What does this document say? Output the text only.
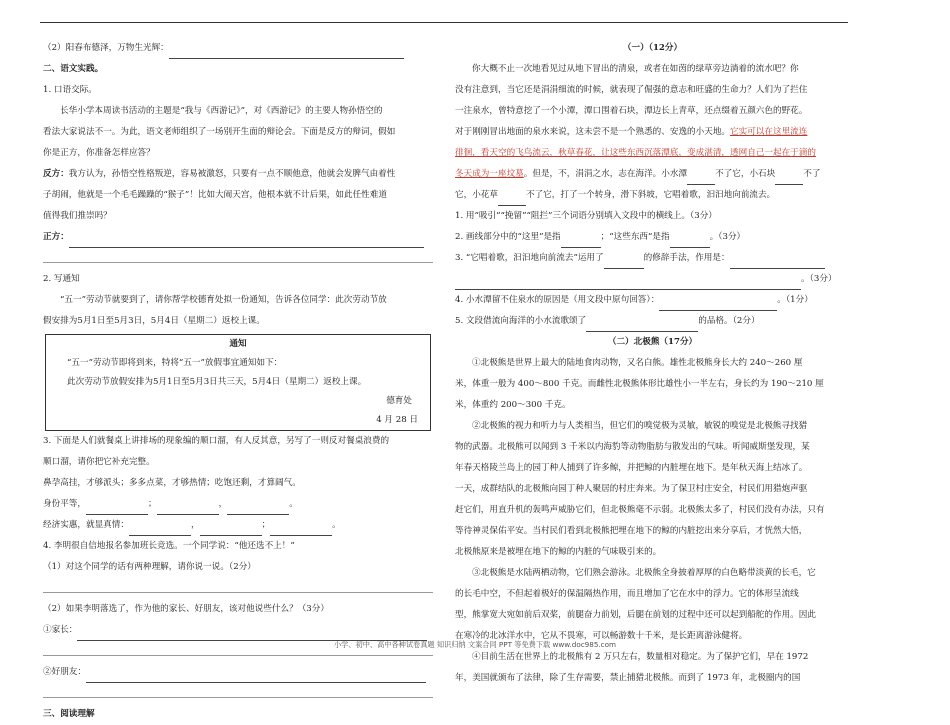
（2）阳春布德泽，万物生光辉：
二、语文实践。
1. 口语交际。
长华小学本周读书活动的主题是“我与《西游记》”，对《西游记》的主要人物孙悟空的
看法大家说法不一。为此，语文老师组织了一场别开生面的辩论会。下面是反方的辩词，假如
你是正方，你准备怎样应答？
反方：我方认为，孙悟空性格叛逆，容易被激怒，只要有一点不顺他意，他就会发脾气由着性
子胡闹，他就是一个毛毛躁躁的“猴子”！比如大闹天宫，他根本就不计后果，如此任性难道
值得我们推崇吗？
正方：
2. 写通知
“五一”劳动节就要到了，请你帮学校德育处拟一份通知，告诉各位同学：此次劳动节放
假安排为5月1日至5月3日，5月4日（星期二）返校上课。
通知
“五一”劳动节即将到来，特将“五一”放假事宜通知如下：
此次劳动节放假安排为5月1日至5月3日共三天，5月4日（星期二）返校上课。
德育处
4 月 28 日
3. 下面是人们就餐桌上讲排场的现象编的顺口溜，有人反其意，另写了一则反对餐桌浪费的
顺口溜，请你把它补充完整。
鼻孕高挂，才够派头；多多点菜，才够热情；吃饱还剩，才算阔气。
身份平等，	；	，	。
经济实惠，就显真情：	，	；	。
4. 李明很自信地报名参加班长竞选。一个同学说：“他还选不上！”
（1）对这个同学的话有两种理解，请你说一说。（2分）
（2）如果李明落选了，作为他的家长、好朋友，该对他说些什么？（3分）
①家长：
②好朋友：
三、阅读理解
（一）（12分）
你大概不止一次地看见过从地下冒出的清泉，或者在如茵的绿草旁边淌着的流水吧？你
没有注意到，当它还是涓涓细流的时候，就表现了倔强的意志和旺盛的生命力？人们为了拦住
一注泉水，曾特意挖了一个小潭，潭口围着石块，潭边长上青草，还点缀着五颜六色的野花。
对于刚刚冒出地面的泉水来说，这未尝不是一个熟悉的、安逸的小天地。它实可以在这里流连
徘徊，看天空的飞鸟流云，秋草春花，让这些东西沉落潭底，变成湛清，透网自己一起在于滴的
冬天成为一座坟墓。但是，不，涓涓之水，志在海洋。小水潭	不了它，小石块	不了
它，小花草	不了它，打了一个转身，滑下斜坡，它唱着歌，汩汩地向前流去。
1. 用“吸引”“挽留”“阻拦”三个词语分别填入文段中的横线上。（3分）
2. 画线部分中的“这里”是指	；“这些东西”是指	。（3分）
3. “它唱着歌，汩汩地向前流去”运用了	的修辞手法，作用是：
。（3分）
4. 小水潭留不住泉水的原因是（用文段中原句回答）：	。（1分）
5. 文段借流向海洋的小水流歌颂了	的品格。（2分）
（二）北极熊（17分）
①北极熊是世界上最大的陆地食肉动物，又名白熊。雄性北极熊身长大约 240～260 厘
米，体重一般为 400～800 千克。而雌性北极熊体形比雄性小一半左右，身长约为 190～210 厘
米，体重约 200～300 千克。
②北极熊的视力和听力与人类相当，但它们的嗅觉极为灵敏，敏锐的嗅觉是北极熊寻找猎
物的武器。北极熊可以闻到 3 千米以内海豹等动物脂肪与散发出的气味。听闻威斯堡发现，某
年春天格陵兰岛上的园丁种人捕到了许多鲸，并把鲸的内脏埋在地下。是年秋天海上结冰了。
一天，成群结队的北极熊向园丁种人聚居的村庄奔来。为了保卫村庄安全，村民们用猎炮声驱
赶它们，用直升机的轰鸣声威胁它们，但北极熊毫不示弱。北极熊太多了，村民们没有办法，只有
等待神灵保佑平安。当村民们看到北极熊把埋在地下的鲸的内脏挖出来分享后，才恍然大悟，
北极熊原来是被埋在地下的鲸的内脏的气味吸引来的。
③北极熊是水陆两栖动物，它们熟会游泳。北极熊全身披着厚厚的白色略带淡黄的长毛，它
的长毛中空，不但起着极好的保温隔热作用，而且增加了它在水中的浮力。它的体形呈流线
型，熊掌宽大宛如前后双桨，前腿奋力前划，后腿在前划的过程中还可以起到船舵的作用。因此
在寒冷的北冰洋水中，它从不畏寒，可以畅游数十千米，是长距离游泳健将。
④目前生活在世界上的北极熊有 2 万只左右，数量相对稳定。为了保护它们，早在 1972
年，美国就颁布了法律，除了生存需要，禁止捕猎北极熊。而到了 1973 年，北极圈内的国
小学、初中、高中各种试卷真题 知识归纳 文案合同 PPT 等免费下载 www.doc985.com
